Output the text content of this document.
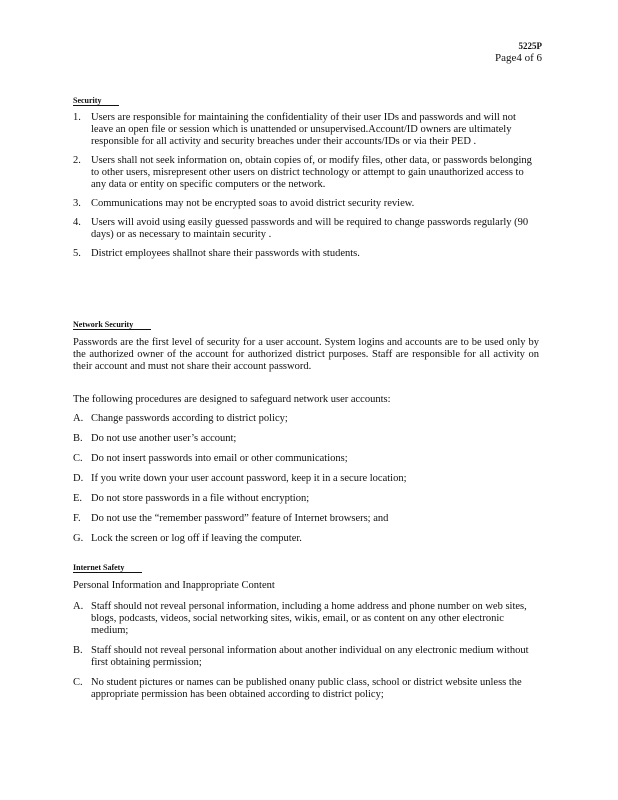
5225P
Page4 of 6
Security
1. Users are responsible for maintaining the confidentiality of their user IDs and passwords and will not leave an open file or session which is unattended or unsupervised.Account/ID owners are ultimately responsible for all activity and security breaches under their accounts/IDs or via their PED .
2. Users shall not seek information on, obtain copies of, or modify files, other data, or passwords belonging to other users, misrepresent other users on district technology or attempt to gain unauthorized access to any data or entity on specific computers or the network.
3. Communications may not be encrypted soas to avoid district security review.
4. Users will avoid using easily guessed passwords and will be required to change passwords regularly (90 days) or as necessary to maintain security .
5. District employees shallnot share their passwords with students.
Network Security

Passwords are the first level of security for a user account. System logins and accounts are to be used only by the authorized owner of the account for authorized district purposes. Staff are responsible for all activity on their account and must not share their account password.

The following procedures are designed to safeguard network user accounts:

A. Change passwords according to district policy;
B. Do not use another user’s account;
C. Do not insert passwords into email or other communications;
D. If you write down your user account password, keep it in a secure location;
E. Do not store passwords in a file without encryption;
F. Do not use the “remember password” feature of Internet browsers; and
G. Lock the screen or log off if leaving the computer.
Internet Safety

Personal Information and Inappropriate Content

A. Staff should not reveal personal information, including a home address and phone number on web sites, blogs, podcasts, videos, social networking sites, wikis, email, or as content on any other electronic medium;
B. Staff should not reveal personal information about another individual on any electronic medium without first obtaining permission;
C. No student pictures or names can be published onany public class, school or district website unless the appropriate permission has been obtained according to district policy;
